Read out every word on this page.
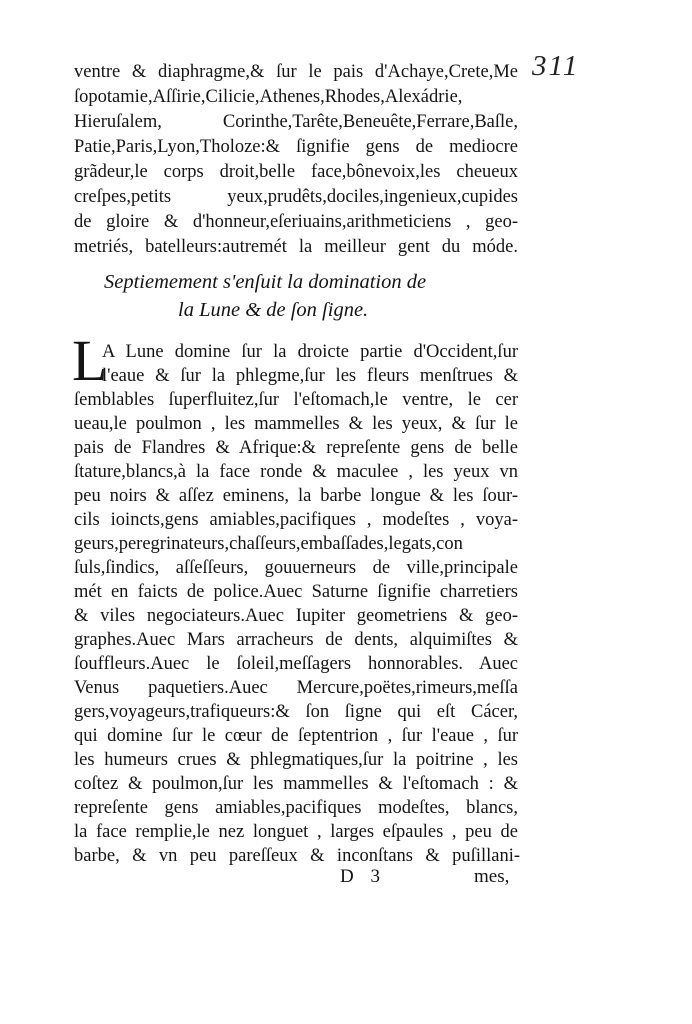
311
ventre & diaphragme,& ſur le pais d'Achaye,Crete,Me
ſopotamie,Aſſirie,Cilicie,Athenes,Rhodes,Alexádrie,
Hieruſalem, Corinthe,Tarête,Beneuête,Ferrare,Baſle,
Patie,Paris,Lyon,Tholoze:& ſignifie gens de mediocre
grãdeur,le corps droit,belle face,bônevoix,les cheueux
creſpes,petits yeux,prudêts,dociles,ingenieux,cupides
de gloire & d'honneur,eſeriuains,arithmeticiens , geo-
metriés, batelleurs:autremét la meilleur gent du móde.
Septiemement s'enſuit la domination de
la Lune & de ſon ſigne.
L
A Lune domine ſur la droicte partie d'Occident,ſur
l'eaue & ſur la phlegme,ſur les fleurs menſtrues &
ſemblables ſuperfluitez,ſur l'eſtomach,le ventre, le cer
ueau,le poulmon , les mammelles & les yeux, & ſur le
pais de Flandres & Afrique:& repreſente gens de belle
ſtature,blancs,à la face ronde & maculee , les yeux vn
peu noirs & aſſez eminens, la barbe longue & les ſour-
cils ioincts,gens amiables,pacifiques , modeſtes , voya-
geurs,peregrinateurs,chaſſeurs,embaſſades,legats,con
ſuls,ſindics, aſſeſſeurs, gouuerneurs de ville,principale
mét en faicts de police.Auec Saturne ſignifie charretiers
& viles negociateurs.Auec Iupiter geometriens & geo-
graphes.Auec Mars arracheurs de dents, alquimiſtes &
ſouffleurs.Auec le ſoleil,meſſagers honnorables. Auec
Venus paquetiers.Auec Mercure,poëtes,rimeurs,meſſa
gers,voyageurs,trafiqueurs:& ſon ſigne qui eſt Cácer,
qui domine ſur le cœur de ſeptentrion , ſur l'eaue , ſur
les humeurs crues & phlegmatiques,ſur la poitrine , les
coſtez & poulmon,ſur les mammelles & l'eſtomach : &
repreſente gens amiables,pacifiques modeſtes, blancs,
la face remplie,le nez longuet , larges eſpaules , peu de
barbe, & vn peu pareſſeux & inconſtans & puſillani-
D 3	mes,
